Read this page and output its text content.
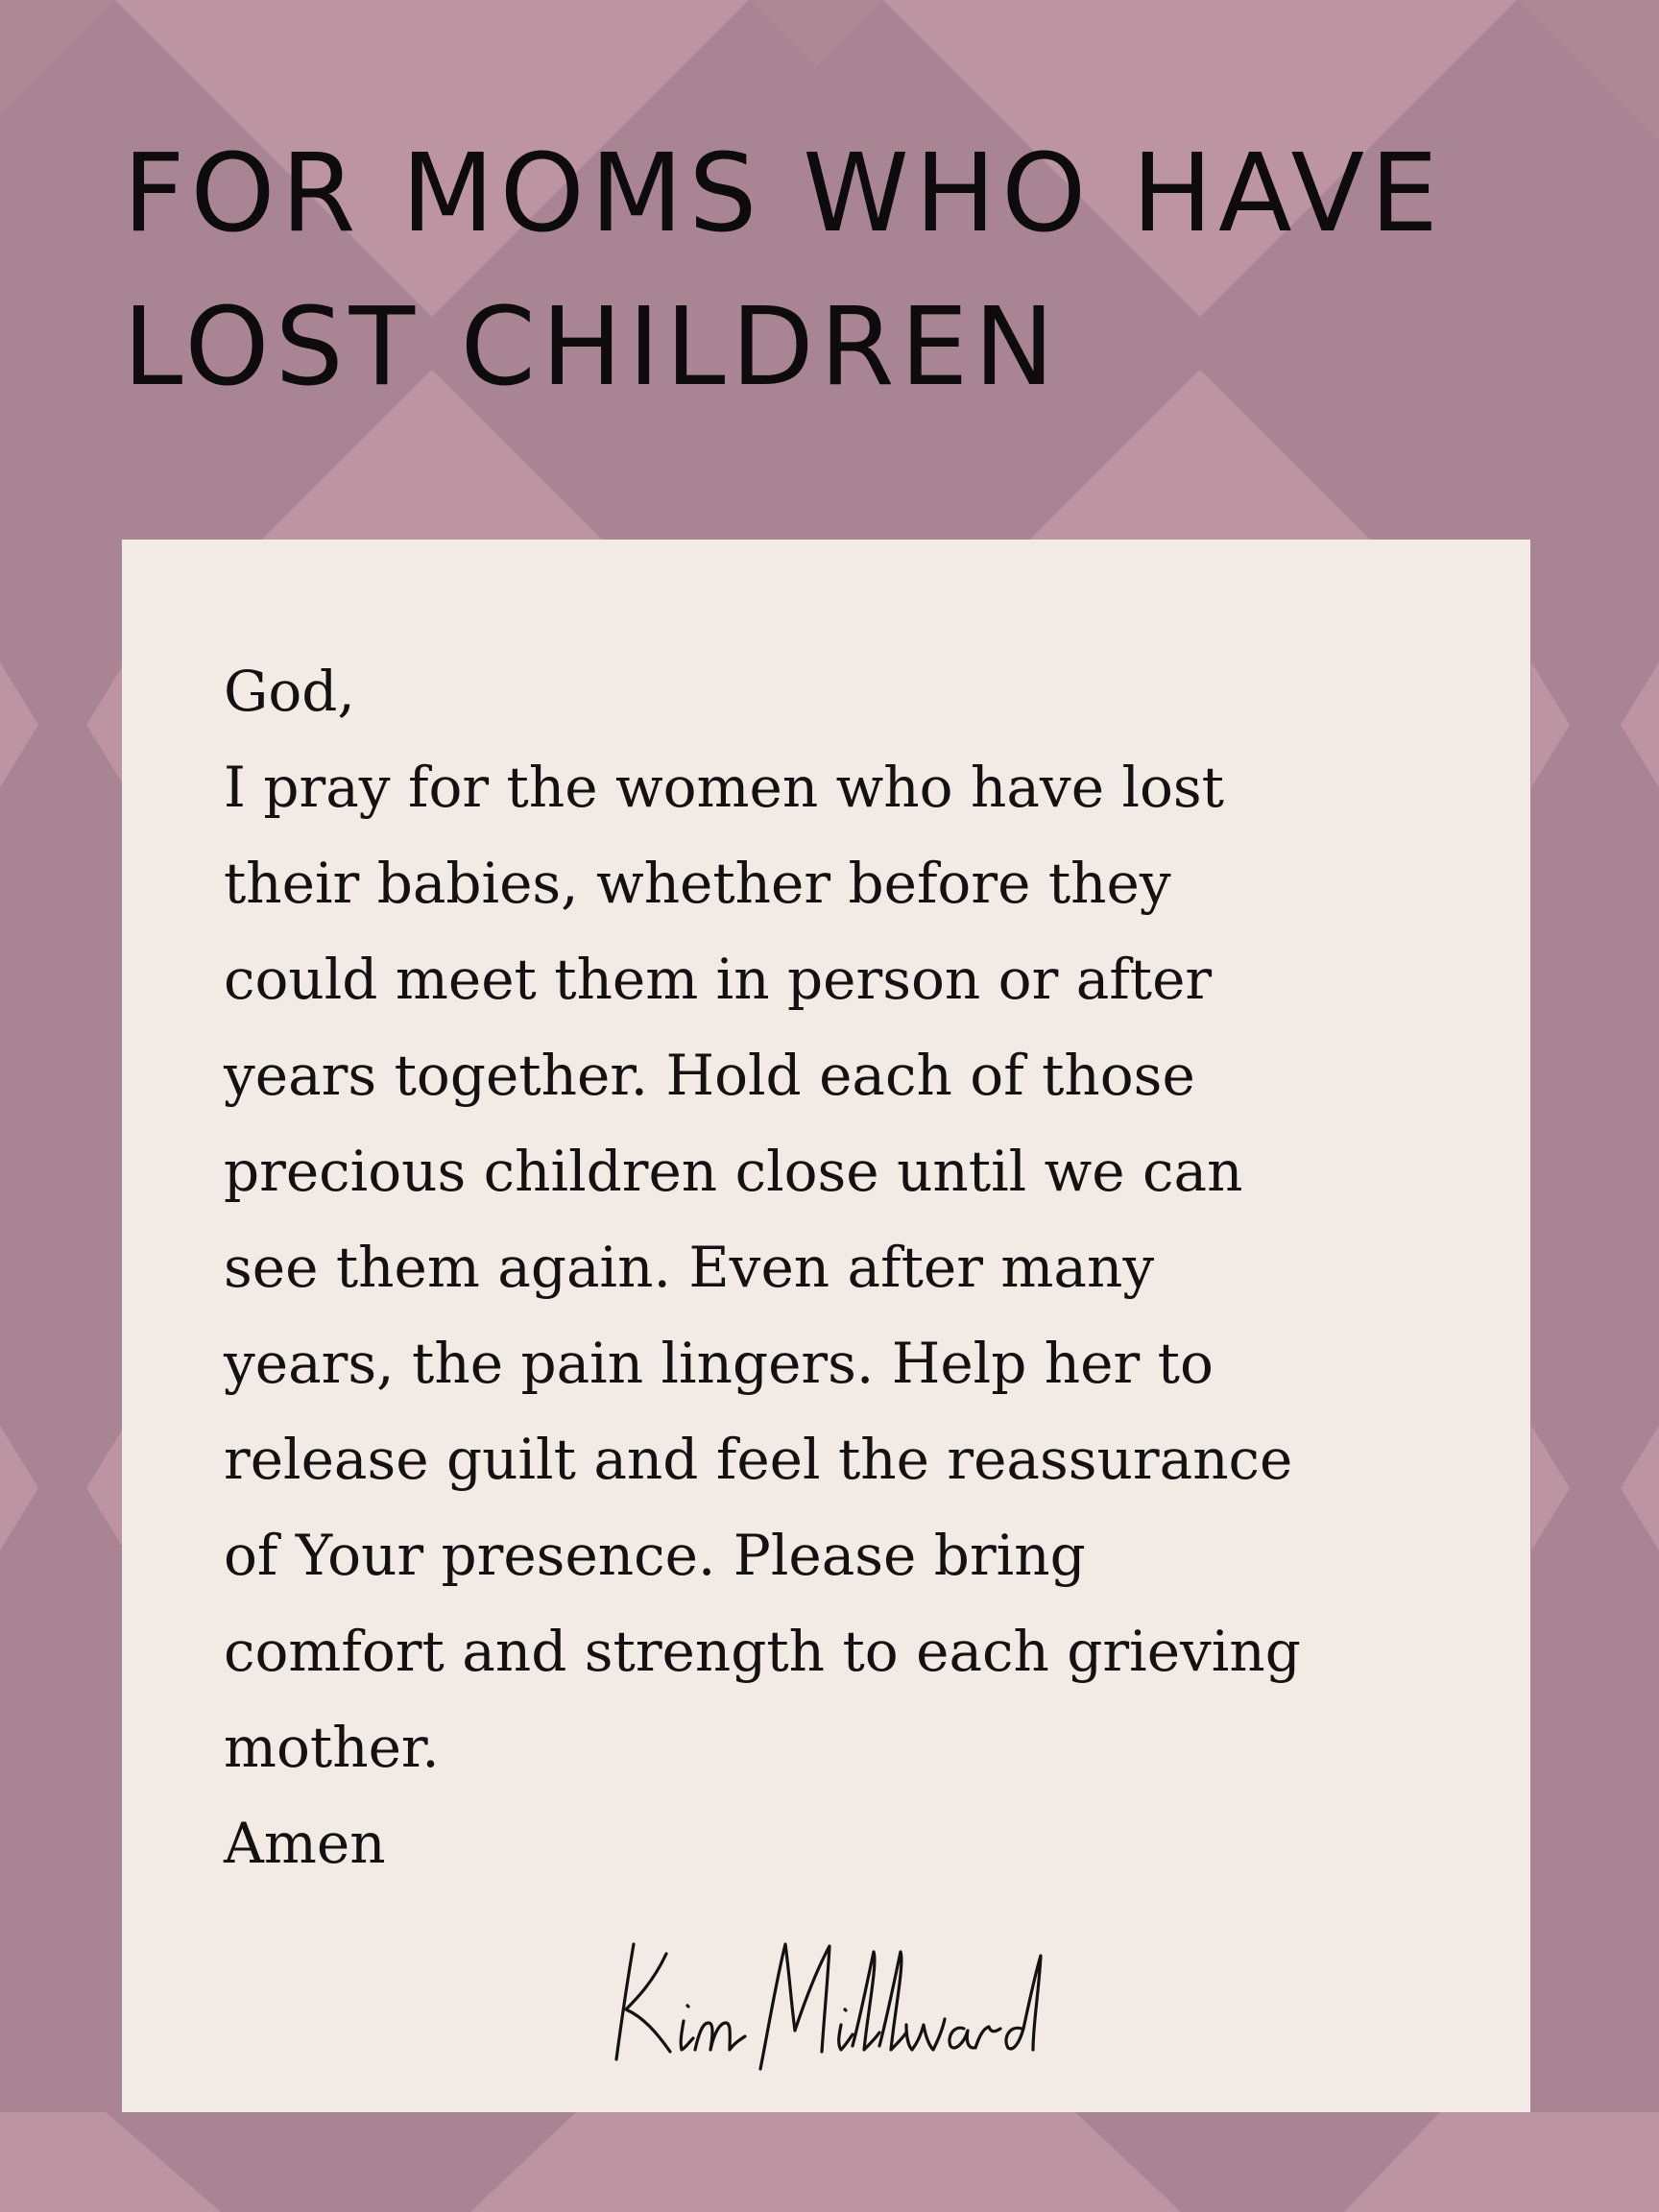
FOR MOMS WHO HAVE
LOST CHILDREN
God,
I pray for the women who have lost
their babies, whether before they
could meet them in person or after
years together. Hold each of those
precious children close until we can
see them again. Even after many
years, the pain lingers. Help her to
release guilt and feel the reassurance
of Your presence. Please bring
comfort and strength to each grieving
mother.
Amen
